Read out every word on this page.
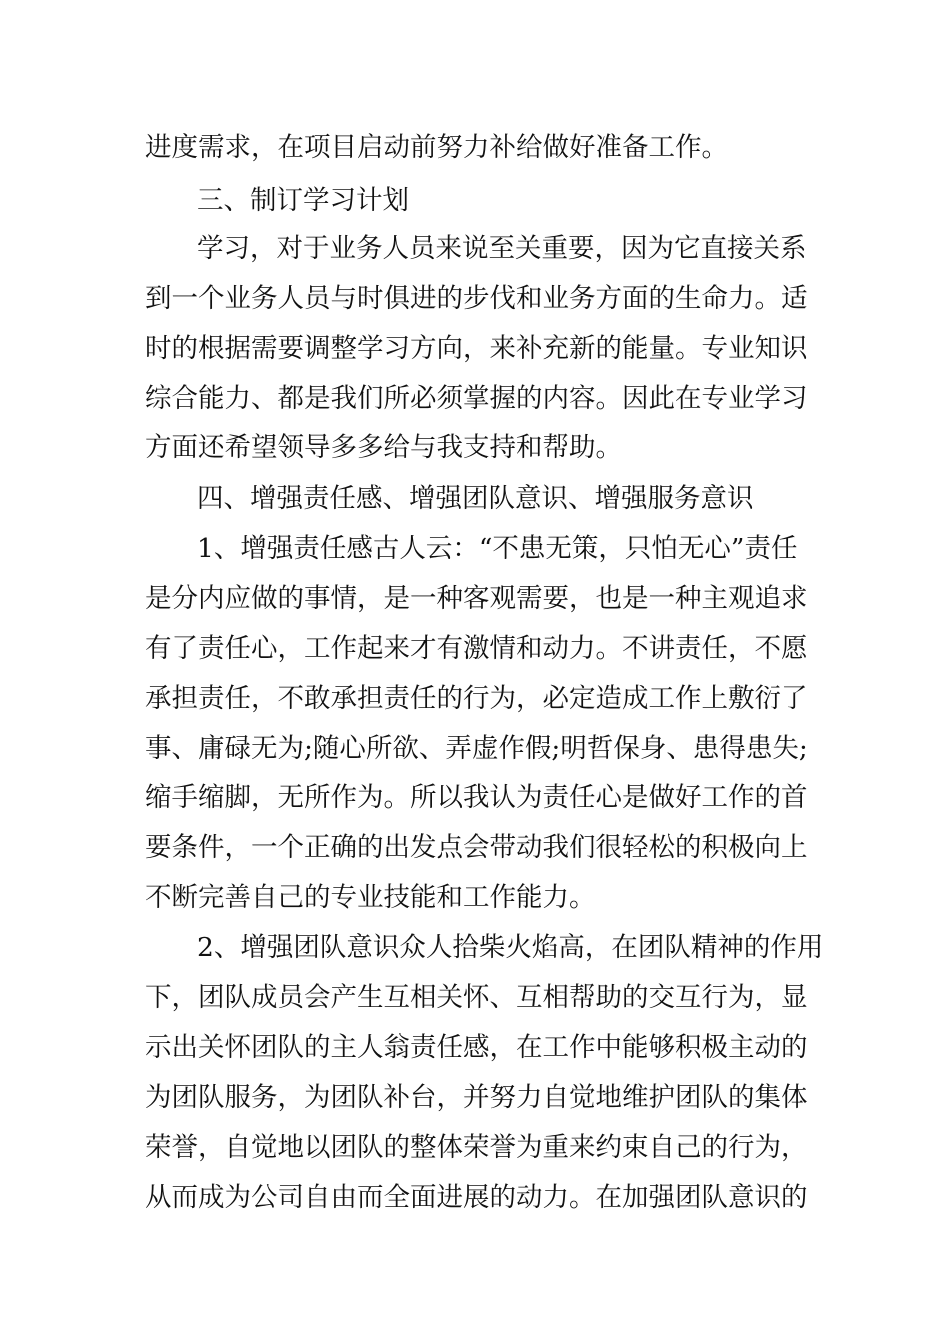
进度需求，在项目启动前努力补给做好准备工作。
三、制订学习计划
学习，对于业务人员来说至关重要，因为它直接关系
到一个业务人员与时俱进的步伐和业务方面的生命力。适
时的根据需要调整学习方向，来补充新的能量。专业知识
综合能力、都是我们所必须掌握的内容。因此在专业学习
方面还希望领导多多给与我支持和帮助。
四、增强责任感、增强团队意识、增强服务意识
1、增强责任感古人云：“不患无策，只怕无心”责任
是分内应做的事情，是一种客观需要，也是一种主观追求
有了责任心，工作起来才有激情和动力。不讲责任，不愿
承担责任，不敢承担责任的行为，必定造成工作上敷衍了
事、庸碌无为;随心所欲、弄虚作假;明哲保身、患得患失;
缩手缩脚，无所作为。所以我认为责任心是做好工作的首
要条件，一个正确的出发点会带动我们很轻松的积极向上
不断完善自己的专业技能和工作能力。
2、增强团队意识众人拾柴火焰高，在团队精神的作用
下，团队成员会产生互相关怀、互相帮助的交互行为，显
示出关怀团队的主人翁责任感，在工作中能够积极主动的
为团队服务，为团队补台，并努力自觉地维护团队的集体
荣誉，自觉地以团队的整体荣誉为重来约束自己的行为，
从而成为公司自由而全面进展的动力。在加强团队意识的
